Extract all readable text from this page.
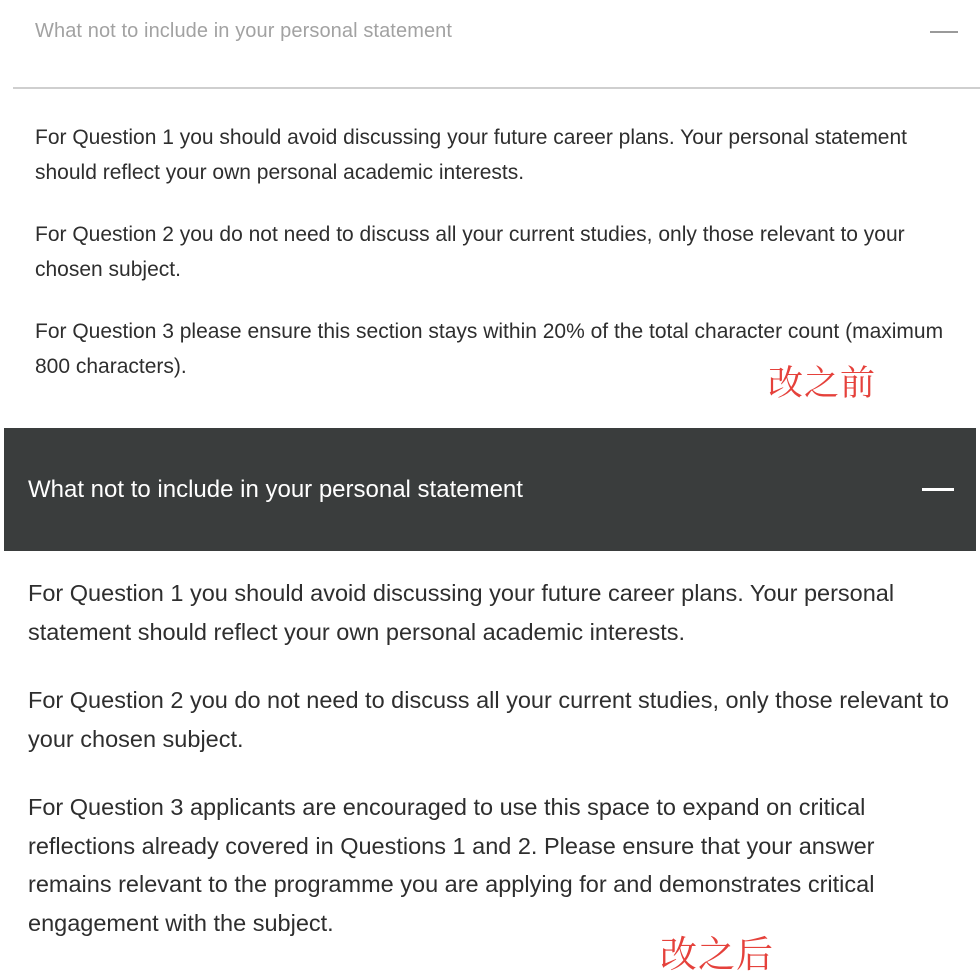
What not to include in your personal statement

For Question 1 you should avoid discussing your future career plans. Your personal statement should reflect your own personal academic interests.

For Question 2 you do not need to discuss all your current studies, only those relevant to your chosen subject.

For Question 3 please ensure this section stays within 20% of the total character count (maximum 800 characters).	改之前
What not to include in your personal statement

For Question 1 you should avoid discussing your future career plans. Your personal statement should reflect your own personal academic interests.

For Question 2 you do not need to discuss all your current studies, only those relevant to your chosen subject.

For Question 3 applicants are encouraged to use this space to expand on critical reflections already covered in Questions 1 and 2. Please ensure that your answer remains relevant to the programme you are applying for and demonstrates critical engagement with the subject.

改之后
